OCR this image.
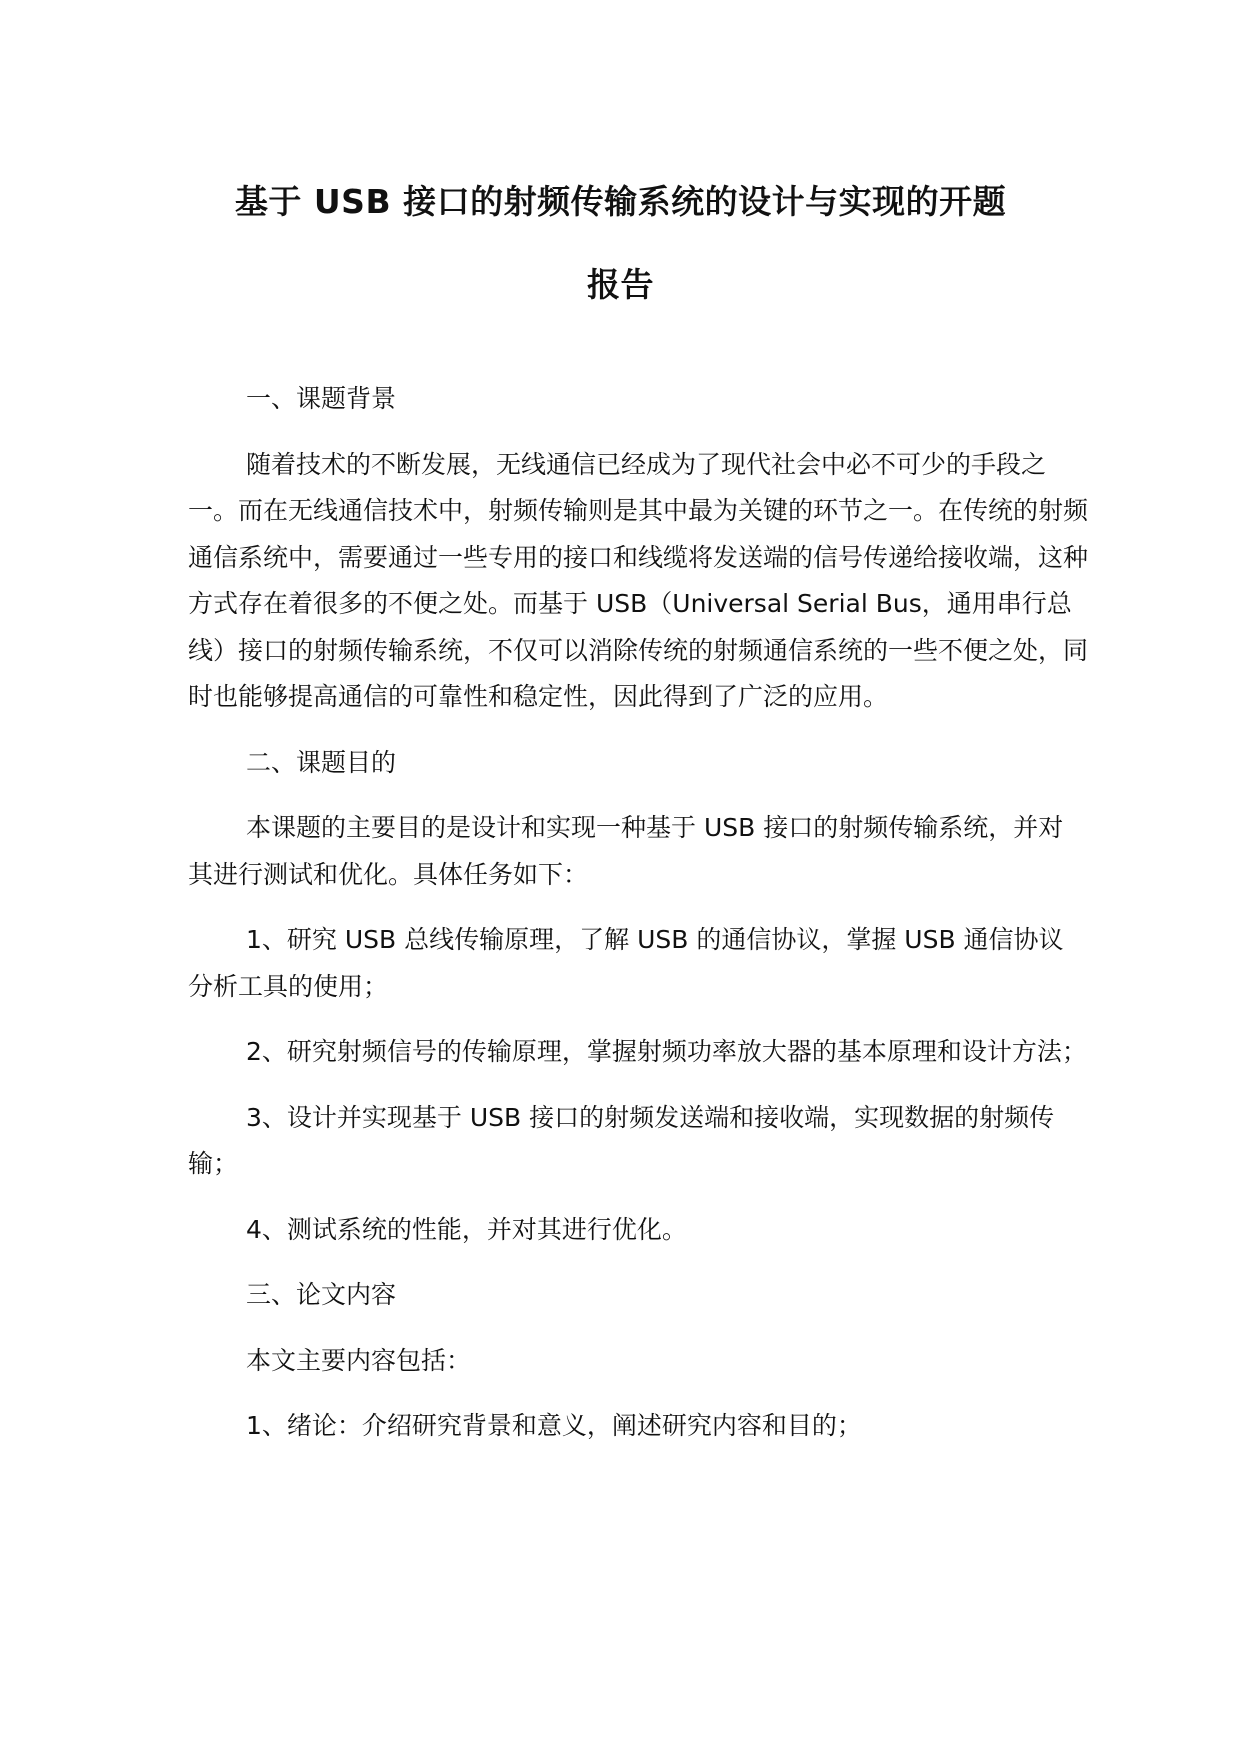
基于 USB 接口的射频传输系统的设计与实现的开题
报告
一、课题背景

随着技术的不断发展，无线通信已经成为了现代社会中必不可少的手段之一。而在无线通信技术中，射频传输则是其中最为关键的环节之一。在传统的射频通信系统中，需要通过一些专用的接口和线缆将发送端的信号传递给接收端，这种方式存在着很多的不便之处。而基于 USB（Universal Serial Bus，通用串行总线）接口的射频传输系统，不仅可以消除传统的射频通信系统的一些不便之处，同时也能够提高通信的可靠性和稳定性，因此得到了广泛的应用。

二、课题目的

本课题的主要目的是设计和实现一种基于 USB 接口的射频传输系统，并对其进行测试和优化。具体任务如下：

1、研究 USB 总线传输原理，了解 USB 的通信协议，掌握 USB 通信协议分析工具的使用；

2、研究射频信号的传输原理，掌握射频功率放大器的基本原理和设计方法；

3、设计并实现基于 USB 接口的射频发送端和接收端，实现数据的射频传输；

4、测试系统的性能，并对其进行优化。

三、论文内容

本文主要内容包括：

1、绪论：介绍研究背景和意义，阐述研究内容和目的；
